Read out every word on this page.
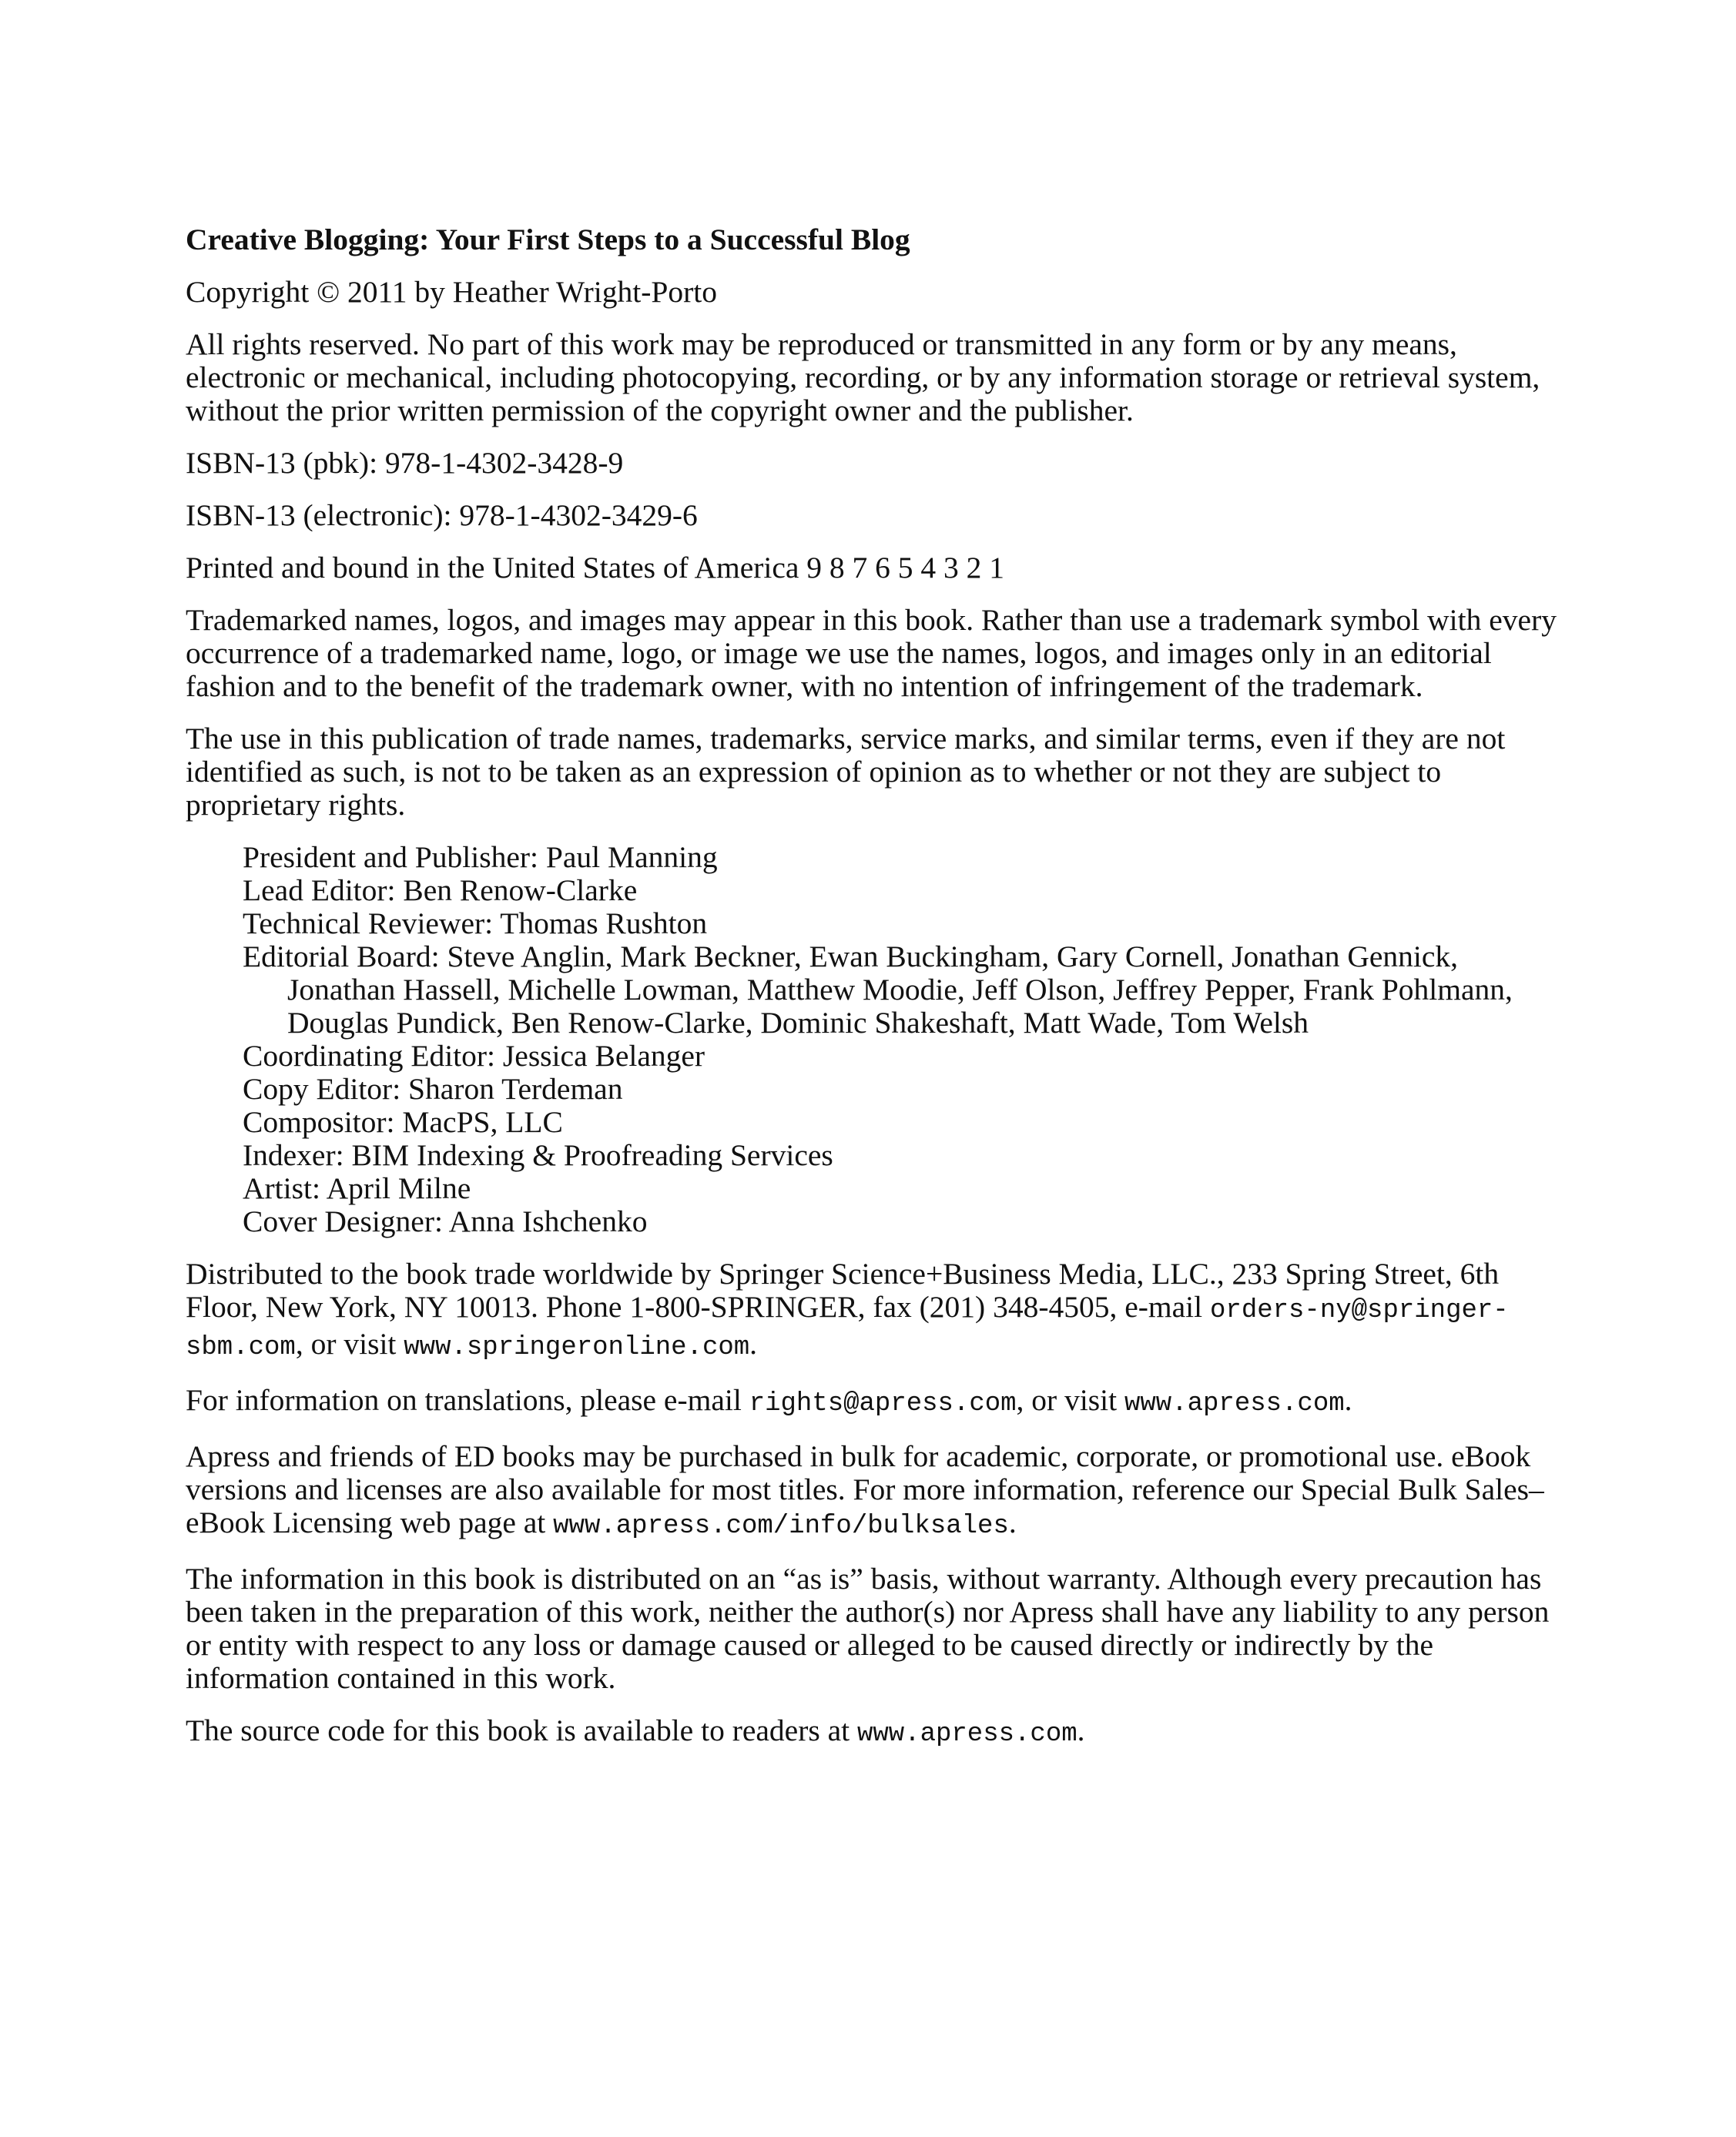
Creative Blogging: Your First Steps to a Successful Blog

Copyright © 2011 by Heather Wright-Porto

All rights reserved. No part of this work may be reproduced or transmitted in any form or by any means, electronic or mechanical, including photocopying, recording, or by any information storage or retrieval system, without the prior written permission of the copyright owner and the publisher.

ISBN-13 (pbk): 978-1-4302-3428-9

ISBN-13 (electronic): 978-1-4302-3429-6

Printed and bound in the United States of America 9 8 7 6 5 4 3 2 1

Trademarked names, logos, and images may appear in this book. Rather than use a trademark symbol with every occurrence of a trademarked name, logo, or image we use the names, logos, and images only in an editorial fashion and to the benefit of the trademark owner, with no intention of infringement of the trademark.

The use in this publication of trade names, trademarks, service marks, and similar terms, even if they are not identified as such, is not to be taken as an expression of opinion as to whether or not they are subject to proprietary rights.

President and Publisher: Paul Manning
Lead Editor: Ben Renow-Clarke
Technical Reviewer: Thomas Rushton
Editorial Board: Steve Anglin, Mark Beckner, Ewan Buckingham, Gary Cornell, Jonathan Gennick, Jonathan Hassell, Michelle Lowman, Matthew Moodie, Jeff Olson, Jeffrey Pepper, Frank Pohlmann, Douglas Pundick, Ben Renow-Clarke, Dominic Shakeshaft, Matt Wade, Tom Welsh
Coordinating Editor: Jessica Belanger
Copy Editor: Sharon Terdeman
Compositor: MacPS, LLC
Indexer: BIM Indexing & Proofreading Services
Artist: April Milne
Cover Designer: Anna Ishchenko

Distributed to the book trade worldwide by Springer Science+Business Media, LLC., 233 Spring Street, 6th Floor, New York, NY 10013. Phone 1-800-SPRINGER, fax (201) 348-4505, e-mail orders-ny@springer-sbm.com, or visit www.springeronline.com.

For information on translations, please e-mail rights@apress.com, or visit www.apress.com.

Apress and friends of ED books may be purchased in bulk for academic, corporate, or promotional use. eBook versions and licenses are also available for most titles. For more information, reference our Special Bulk Sales–eBook Licensing web page at www.apress.com/info/bulksales.

The information in this book is distributed on an “as is” basis, without warranty. Although every precaution has been taken in the preparation of this work, neither the author(s) nor Apress shall have any liability to any person or entity with respect to any loss or damage caused or alleged to be caused directly or indirectly by the information contained in this work.

The source code for this book is available to readers at www.apress.com.
